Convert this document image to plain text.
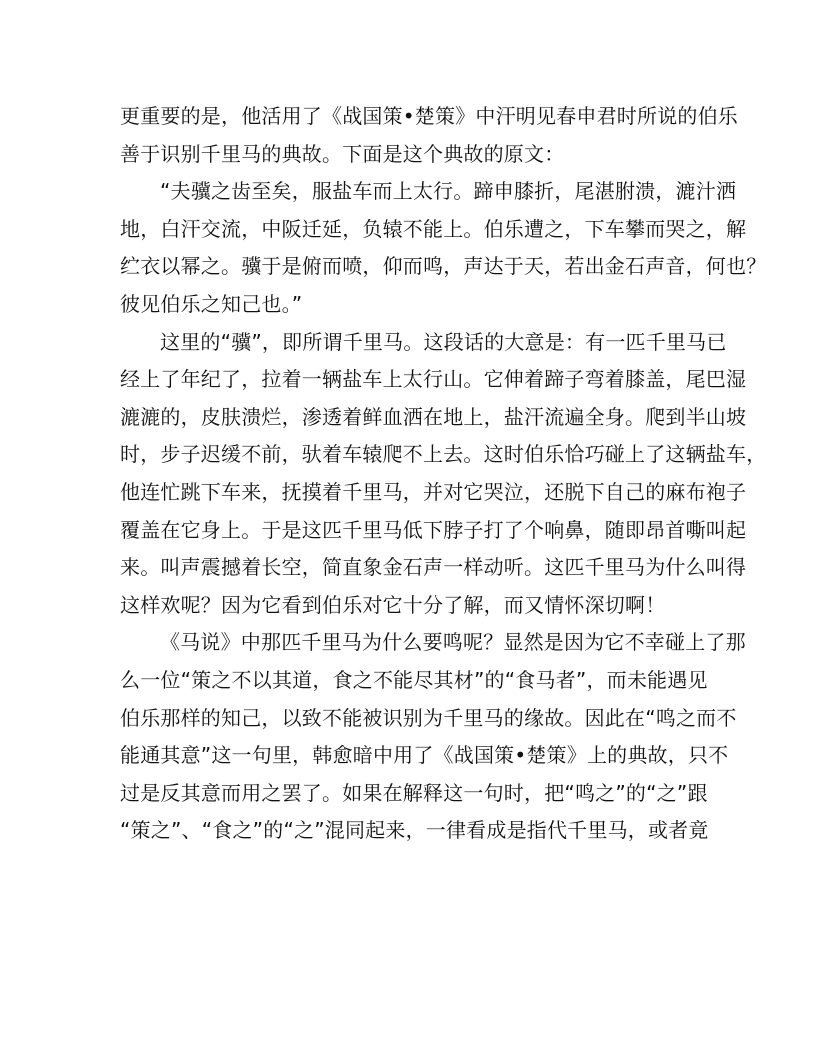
更重要的是，他活用了《战国策•楚策》中汗明见春申君时所说的伯乐
善于识别千里马的典故。下面是这个典故的原文：

“夫骥之齿至矣，服盐车而上太行。蹄申膝折，尾湛胕溃，漉汁洒
地，白汗交流，中阪迁延，负辕不能上。伯乐遭之，下车攀而哭之，解
纻衣以幂之。骥于是俯而喷，仰而鸣，声达于天，若出金石声音，何也？
彼见伯乐之知己也。”

这里的“骥”，即所谓千里马。这段话的大意是：有一匹千里马已
经上了年纪了，拉着一辆盐车上太行山。它伸着蹄子弯着膝盖，尾巴湿
漉漉的，皮肤溃烂，渗透着鲜血洒在地上，盐汗流遍全身。爬到半山坡
时，步子迟缓不前，驮着车辕爬不上去。这时伯乐恰巧碰上了这辆盐车，
他连忙跳下车来，抚摸着千里马，并对它哭泣，还脱下自己的麻布袍子
覆盖在它身上。于是这匹千里马低下脖子打了个响鼻，随即昂首嘶叫起
来。叫声震撼着长空，简直象金石声一样动听。这匹千里马为什么叫得
这样欢呢？因为它看到伯乐对它十分了解，而又情怀深切啊！

《马说》中那匹千里马为什么要鸣呢？显然是因为它不幸碰上了那
么一位“策之不以其道，食之不能尽其材”的“食马者”，而未能遇见
伯乐那样的知己，以致不能被识别为千里马的缘故。因此在“鸣之而不
能通其意”这一句里，韩愈暗中用了《战国策•楚策》上的典故，只不
过是反其意而用之罢了。如果在解释这一句时，把“鸣之”的“之”跟
“策之”、“食之”的“之”混同起来，一律看成是指代千里马，或者竟
